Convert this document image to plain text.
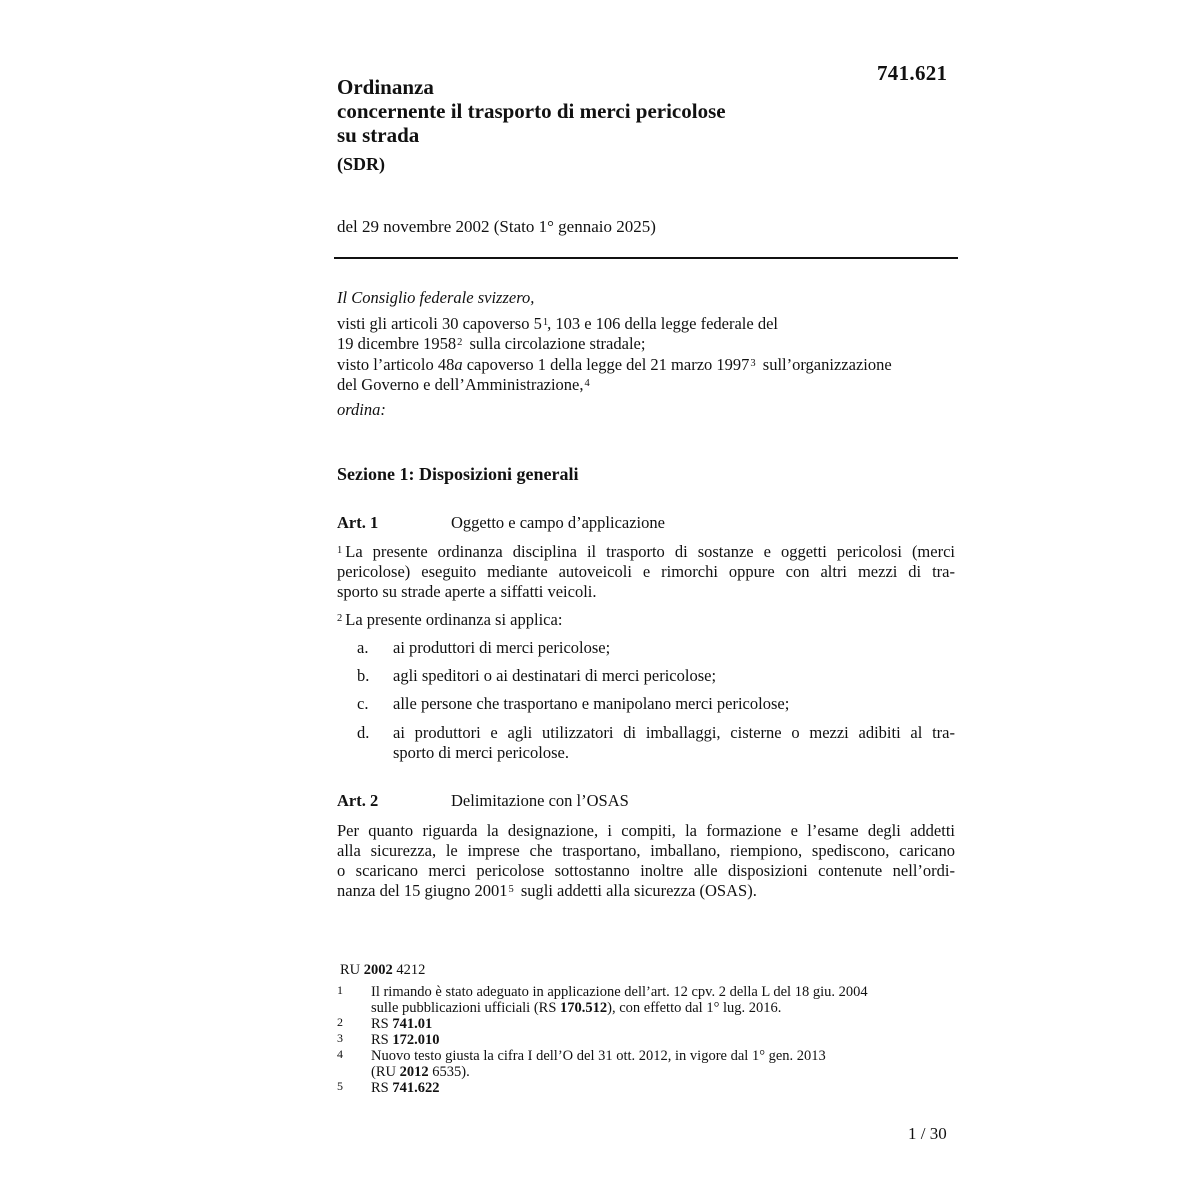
741.621
Ordinanza
concernente il trasporto di merci pericolose
su strada
(SDR)
del 29 novembre 2002 (Stato 1° gennaio 2025)
Il Consiglio federale svizzero,
visti gli articoli 30 capoverso 5$^1$, 103 e 106 della legge federale del
19 dicembre 1958$^2$ sulla circolazione stradale;
visto l’articolo 48a capoverso 1 della legge del 21 marzo 1997$^3$ sull’organizzazione
del Governo e dell’Amministrazione,$^4$
ordina:
Sezione 1: Disposizioni generali
Art. 1	Oggetto e campo d’applicazione
$^1$ La presente ordinanza disciplina il trasporto di sostanze e oggetti pericolosi (merci
pericolose) eseguito mediante autoveicoli e rimorchi oppure con altri mezzi di tra-
sporto su strade aperte a siffatti veicoli.
$^2$ La presente ordinanza si applica:
a. ai produttori di merci pericolose;
b. agli speditori o ai destinatari di merci pericolose;
c. alle persone che trasportano e manipolano merci pericolose;
d. ai produttori e agli utilizzatori di imballaggi, cisterne o mezzi adibiti al tra-
sporto di merci pericolose.
Art. 2	Delimitazione con l’OSAS
Per quanto riguarda la designazione, i compiti, la formazione e l’esame degli addetti
alla sicurezza, le imprese che trasportano, imballano, riempiono, spediscono, caricano
o scaricano merci pericolose sottostanno inoltre alle disposizioni contenute nell’ordi-
nanza del 15 giugno 2001$^5$ sugli addetti alla sicurezza (OSAS).
RU 2002 4212
1 Il rimando è stato adeguato in applicazione dell’art. 12 cpv. 2 della L del 18 giu. 2004
sulle pubblicazioni ufficiali (RS 170.512), con effetto dal 1° lug. 2016.
2 RS 741.01
3 RS 172.010
4 Nuovo testo giusta la cifra I dell’O del 31 ott. 2012, in vigore dal 1° gen. 2013
(RU 2012 6535).
5 RS 741.622
1 / 30
